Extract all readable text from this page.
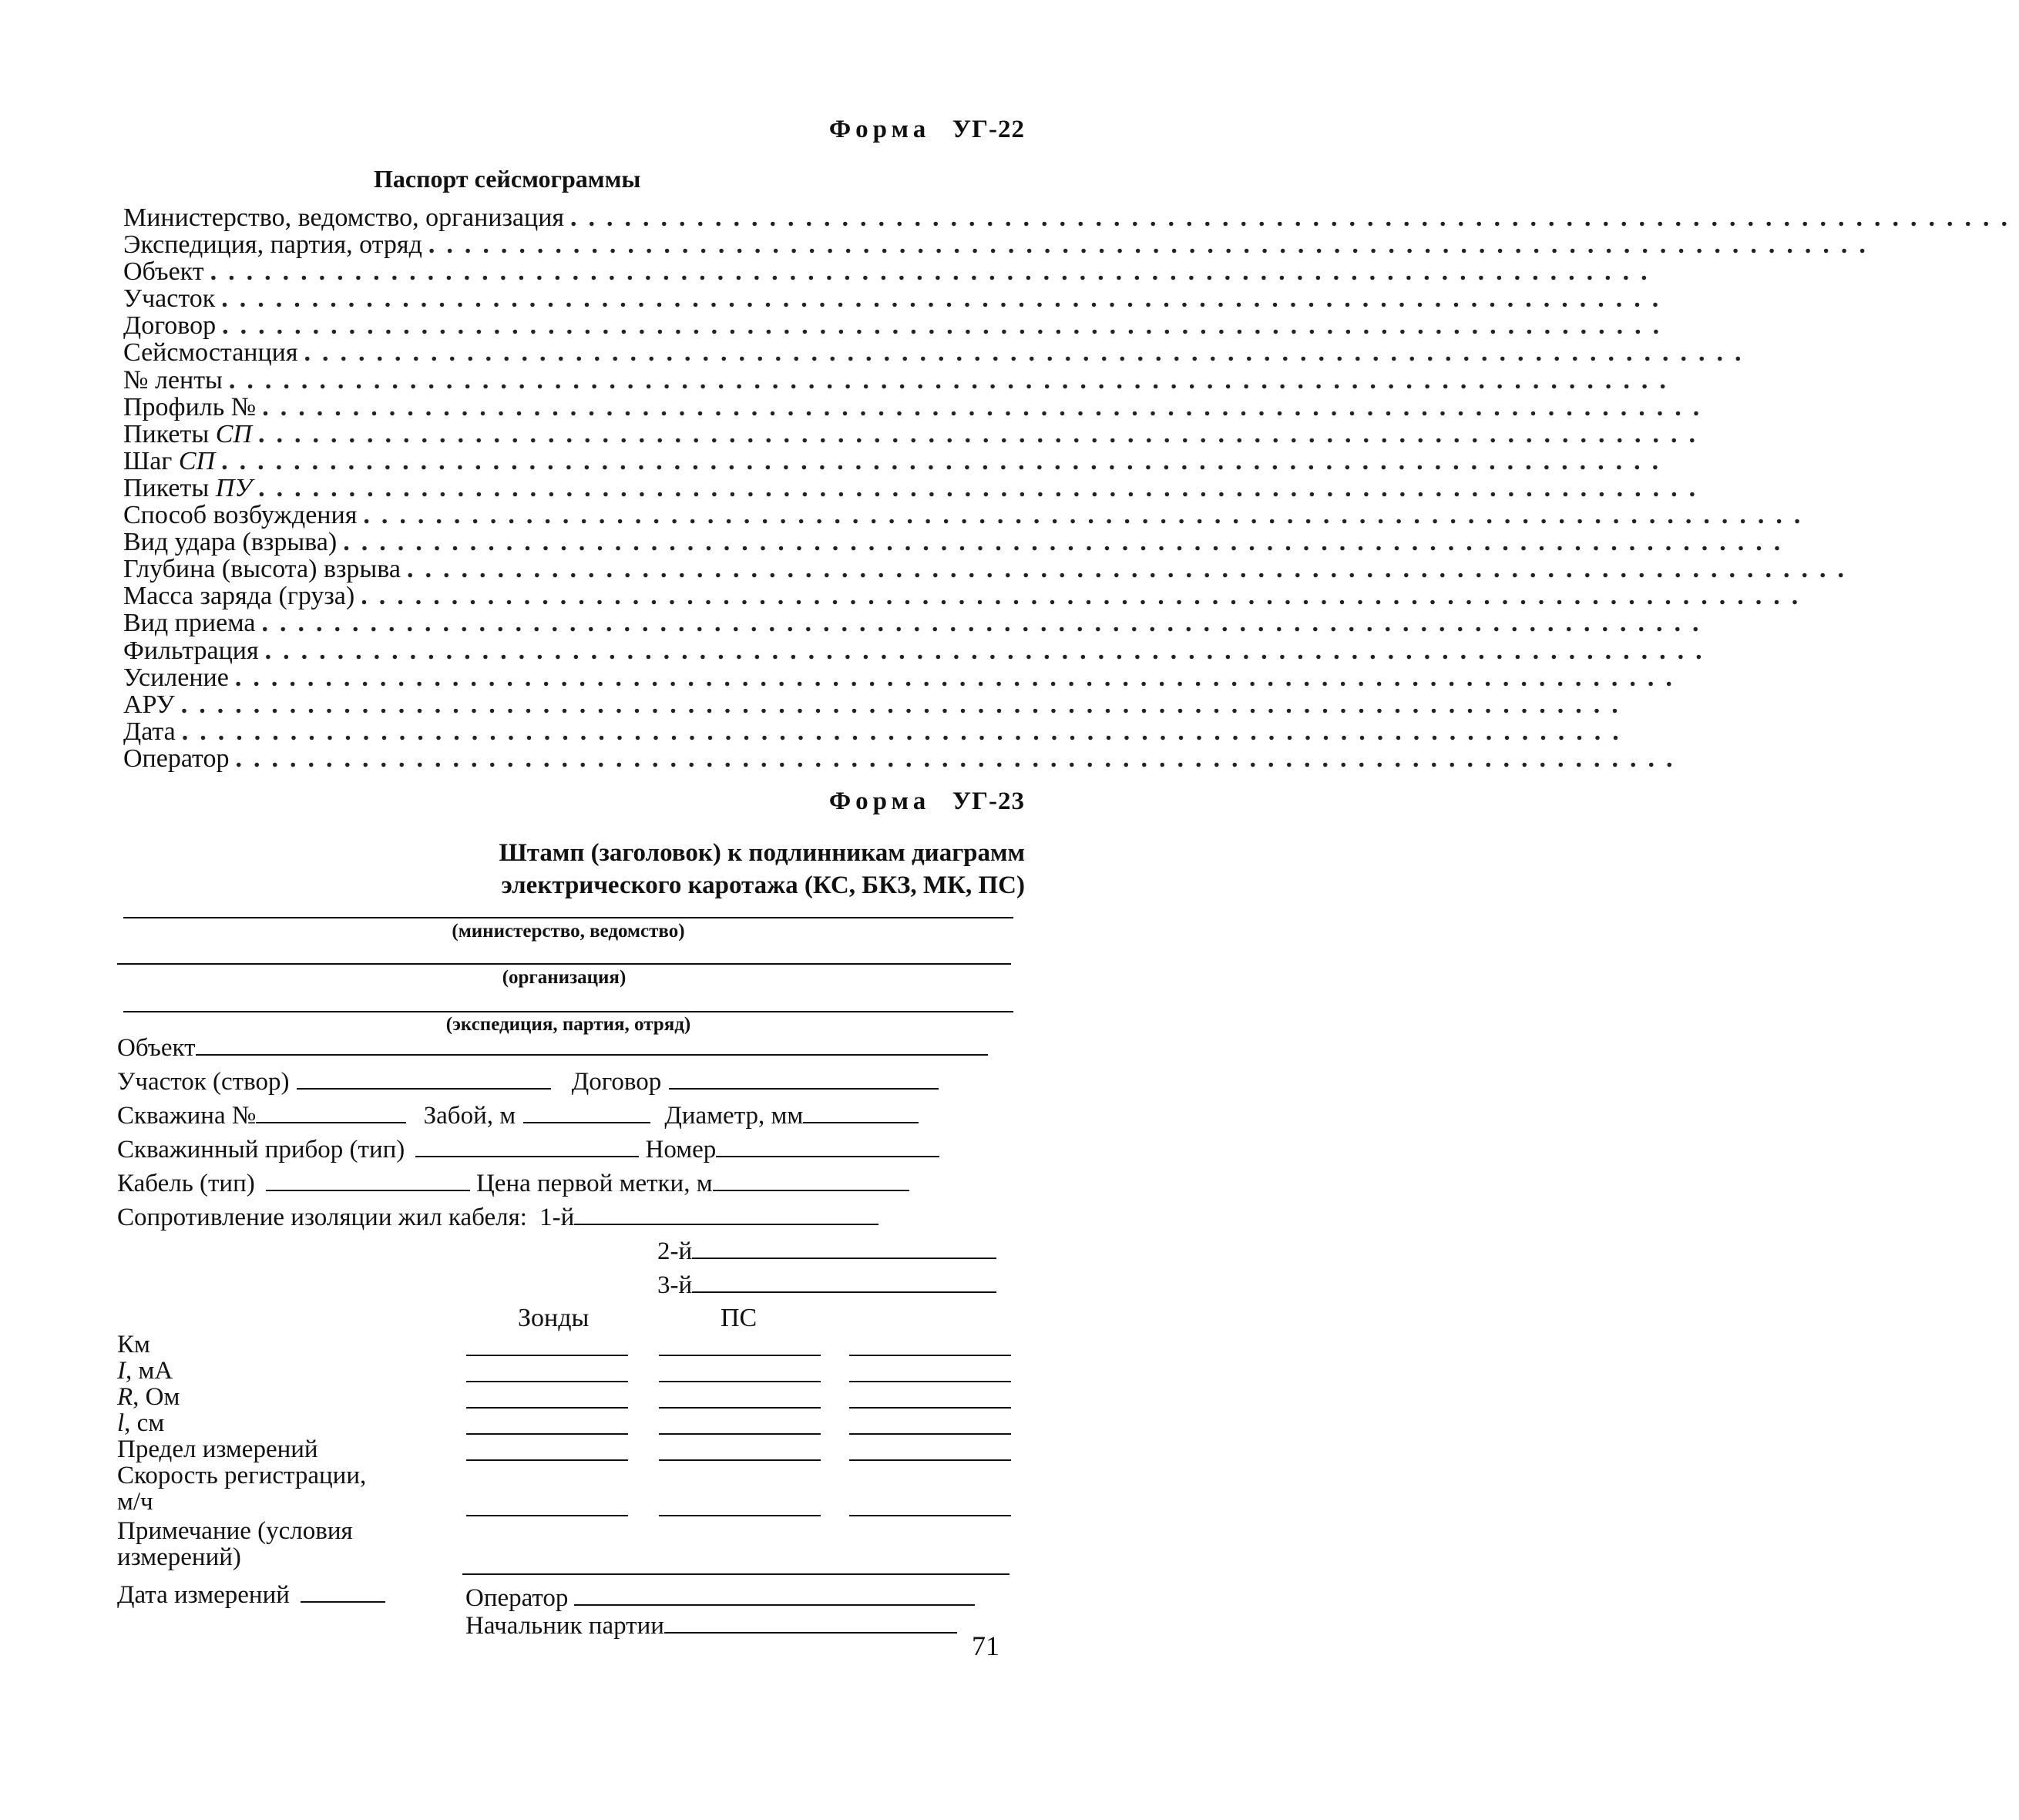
Форма УГ-22
Паспорт сейсмограммы
Министерство, ведомство, организация ................................................................................
Экспедиция, партия, отряд ................................................................................
Объект ................................................................................
Участок ................................................................................
Договор ................................................................................
Сейсмостанция ................................................................................
№ ленты ................................................................................
Профиль № ................................................................................
Пикеты СП ................................................................................
Шаг СП ................................................................................
Пикеты ПУ ................................................................................
Способ возбуждения ................................................................................
Вид удара (взрыва) ................................................................................
Глубина (высота) взрыва ................................................................................
Масса заряда (груза) ................................................................................
Вид приема ................................................................................
Фильтрация ................................................................................
Усиление ................................................................................
АРУ ................................................................................
Дата ................................................................................
Оператор ................................................................................
Форма УГ-23
Штамп (заголовок) к подлинникам диаграмм
электрического каротажа (КС, БКЗ, МК, ПС)
(министерство, ведомство)
(организация)
(экспедиция, партия, отряд)
Объект
Участок (створ)	Договор
Скважина №	Забой, м	Диаметр, мм
Скважинный прибор (тип)	Номер
Кабель (тип)	Цена первой метки, м
Сопротивление изоляции жил кабеля: 1-й
2-й
3-й
Зонды	ПС
Км
I, мА
R, Ом
l, см
Предел измерений
Скорость регистрации,
м/ч
Примечание (условия
измерений)
Дата измерений	Оператор
Начальник партии
71
